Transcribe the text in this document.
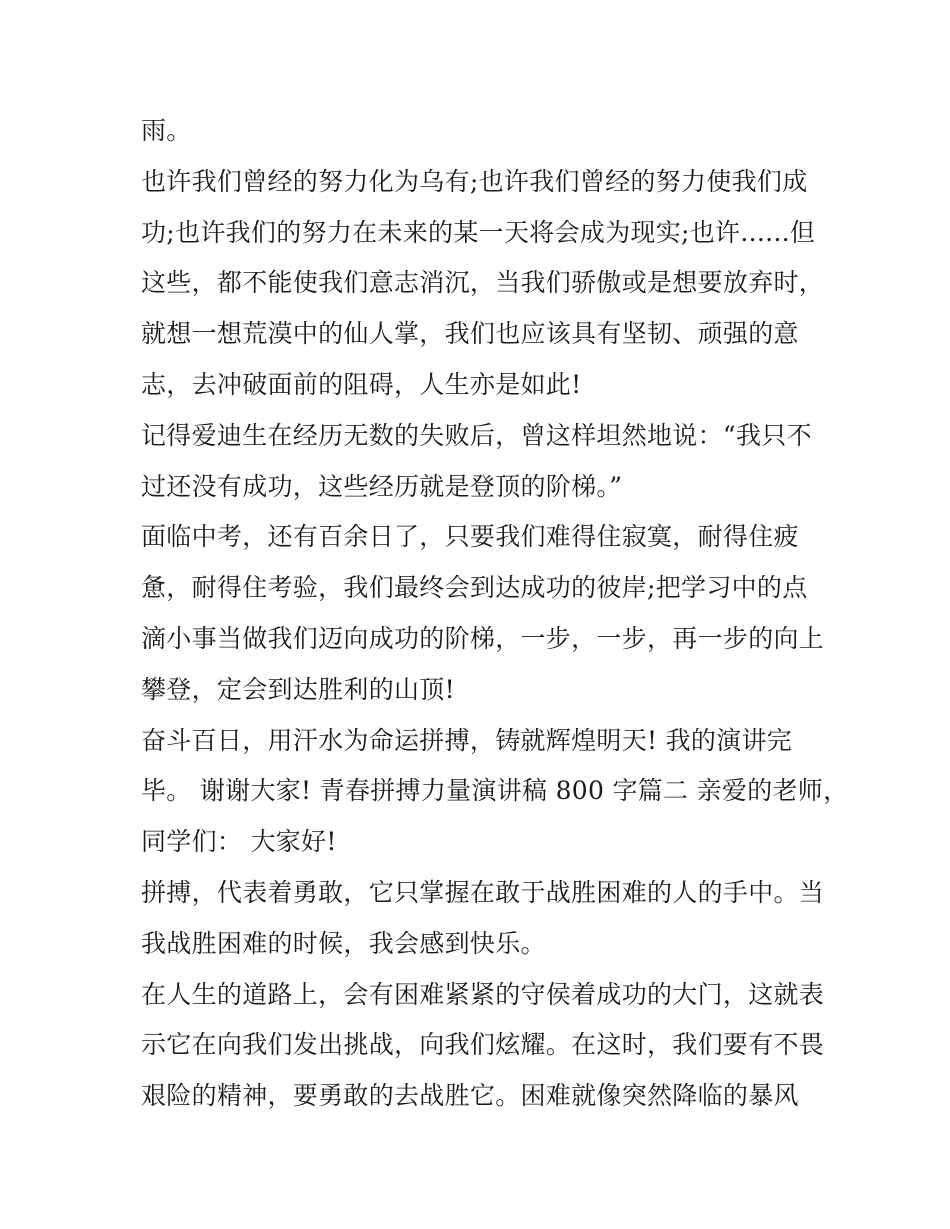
雨。
也许我们曾经的努力化为乌有;也许我们曾经的努力使我们成
功;也许我们的努力在未来的某一天将会成为现实;也许......但
这些，都不能使我们意志消沉，当我们骄傲或是想要放弃时，
就想一想荒漠中的仙人掌，我们也应该具有坚韧、顽强的意
志，去冲破面前的阻碍，人生亦是如此!
记得爱迪生在经历无数的失败后，曾这样坦然地说：“我只不
过还没有成功，这些经历就是登顶的阶梯。”
面临中考，还有百余日了，只要我们难得住寂寞，耐得住疲
惫，耐得住考验，我们最终会到达成功的彼岸;把学习中的点
滴小事当做我们迈向成功的阶梯，一步，一步，再一步的向上
攀登，定会到达胜利的山顶!
奋斗百日，用汗水为命运拼搏，铸就辉煌明天! 我的演讲完
毕。 谢谢大家! 青春拼搏力量演讲稿 800 字篇二 亲爱的老师，
同学们： 大家好!
拼搏，代表着勇敢，它只掌握在敢于战胜困难的人的手中。当
我战胜困难的时候，我会感到快乐。
在人生的道路上，会有困难紧紧的守侯着成功的大门，这就表
示它在向我们发出挑战，向我们炫耀。在这时，我们要有不畏
艰险的精神，要勇敢的去战胜它。困难就像突然降临的暴风
